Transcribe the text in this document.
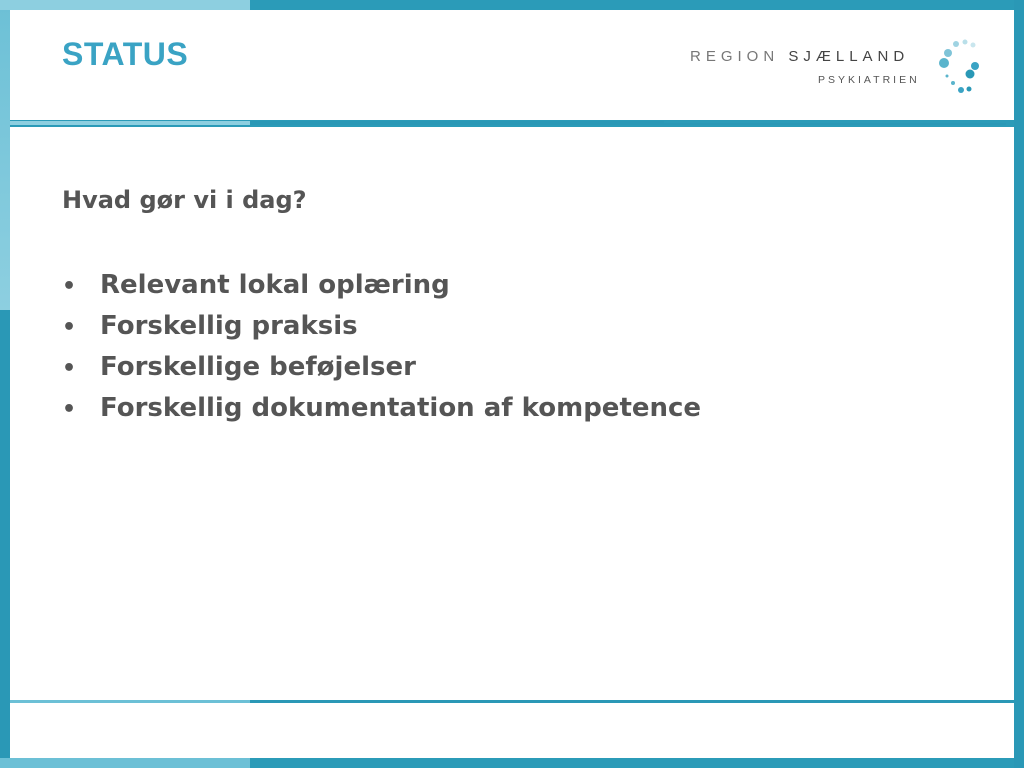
STATUS	REGION SJÆLLAND
PSYKIATRIEN
Hvad gør vi i dag?
• Relevant lokal oplæring
• Forskellig praksis
• Forskellige beføjelser
• Forskellig dokumentation af kompetence
